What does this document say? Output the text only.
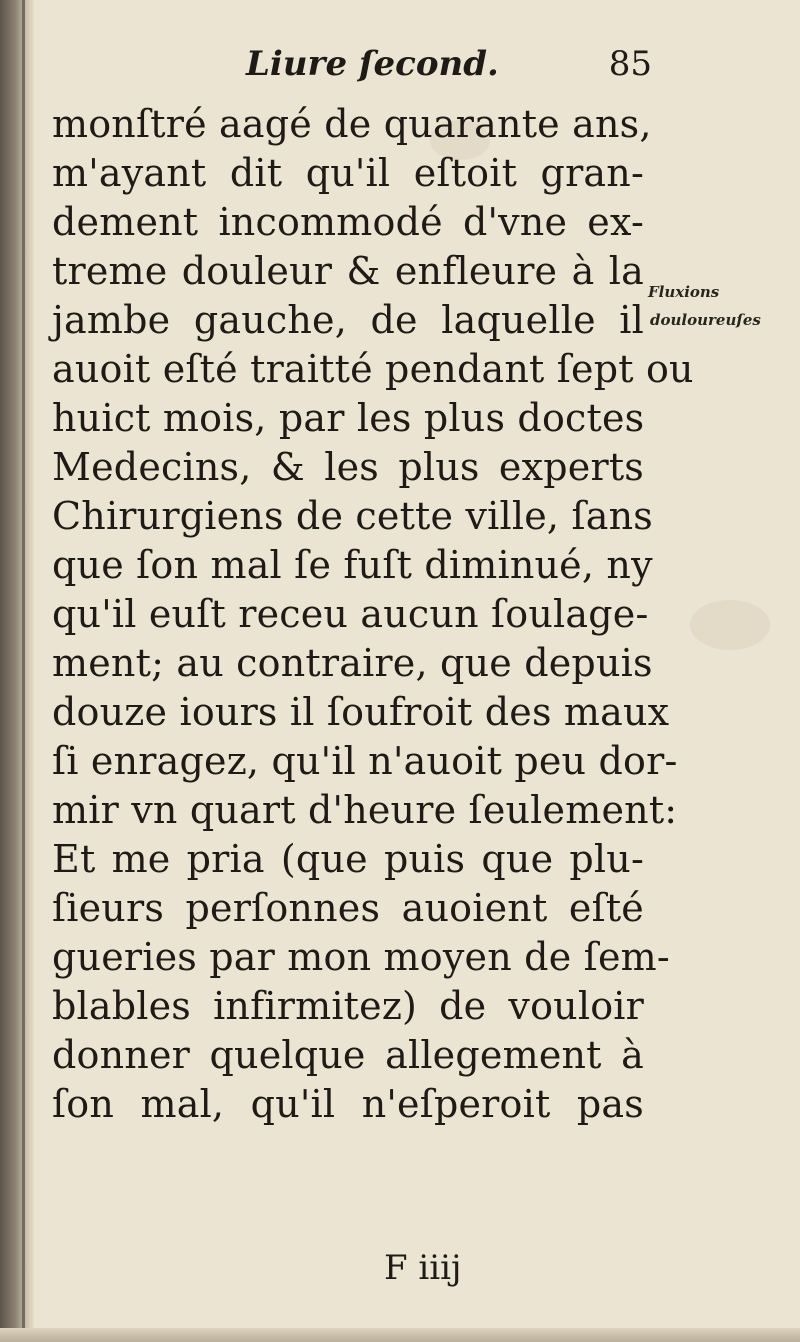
Liure ſecond.	85
monſtré aagé de quarante ans,
m'ayant dit qu'il eſtoit gran-
dement incommodé d'vne ex-
treme douleur & enfleure à la
jambe gauche, de laquelle il
auoit eſté traitté pendant ſept ou
huict mois, par les plus doctes
Medecins, & les plus experts
Chirurgiens de cette ville, ſans
que ſon mal ſe fuſt diminué, ny
qu'il euſt receu aucun ſoulage-
ment; au contraire, que depuis
douze iours il ſoufroit des maux
ſi enragez, qu'il n'auoit peu dor-
mir vn quart d'heure ſeulement:
Et me pria (que puis que plu-
ſieurs perſonnes auoient eſté
gueries par mon moyen de ſem-
blables infirmitez) de vouloir
donner quelque allegement à
ſon mal, qu'il n'eſperoit pas
Fluxions
douloureuſes
F iiij
